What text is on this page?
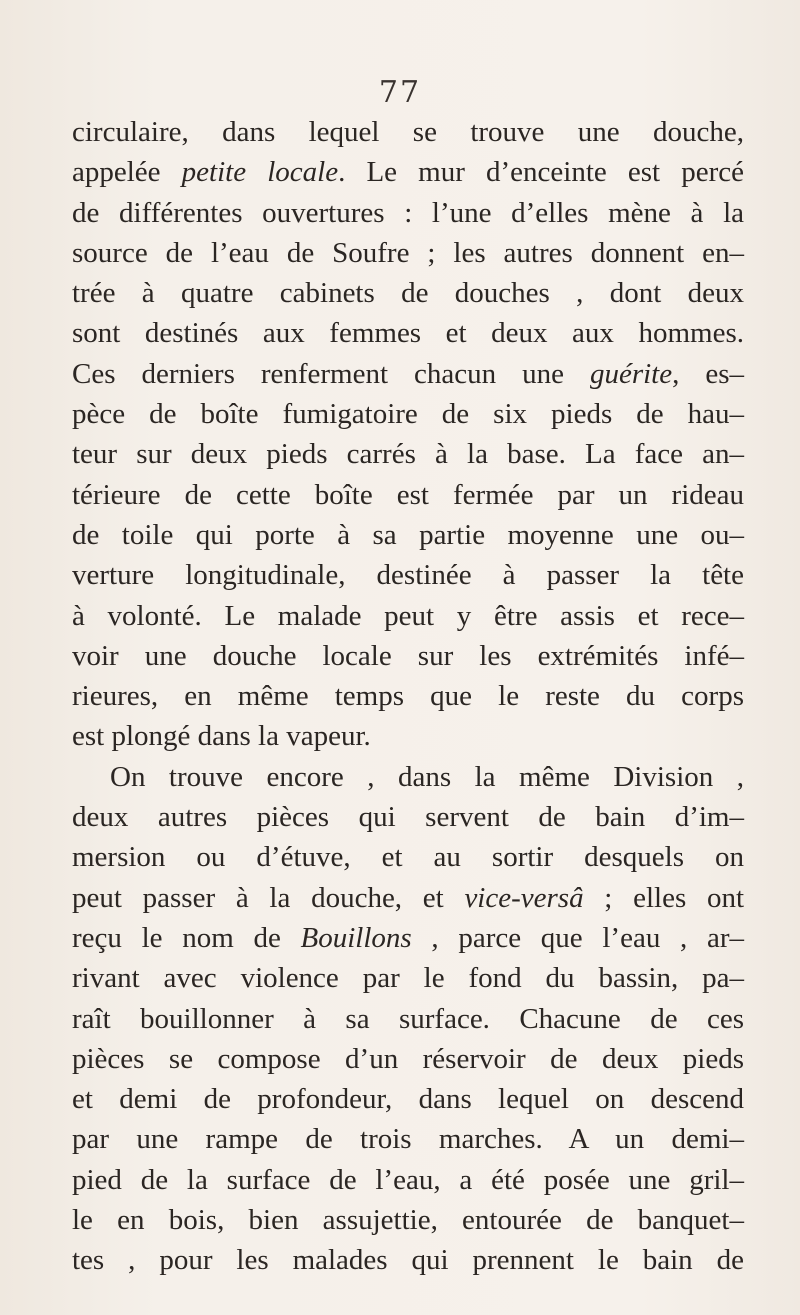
77
circulaire, dans lequel se trouve une douche,
appelée petite locale. Le mur d’enceinte est percé
de différentes ouvertures : l’une d’elles mène à la
source de l’eau de Soufre ; les autres donnent en–
trée à quatre cabinets de douches , dont deux
sont destinés aux femmes et deux aux hommes.
Ces derniers renferment chacun une guérite, es–
pèce de boîte fumigatoire de six pieds de hau–
teur sur deux pieds carrés à la base. La face an–
térieure de cette boîte est fermée par un rideau
de toile qui porte à sa partie moyenne une ou–
verture longitudinale, destinée à passer la tête
à volonté. Le malade peut y être assis et rece–
voir une douche locale sur les extrémités infé–
rieures, en même temps que le reste du corps
est plongé dans la vapeur.
On trouve encore , dans la même Division ,
deux autres pièces qui servent de bain d’im–
mersion ou d’étuve, et au sortir desquels on
peut passer à la douche, et vice-versâ ; elles ont
reçu le nom de Bouillons , parce que l’eau , ar–
rivant avec violence par le fond du bassin, pa–
raît bouillonner à sa surface. Chacune de ces
pièces se compose d’un réservoir de deux pieds
et demi de profondeur, dans lequel on descend
par une rampe de trois marches. A un demi–
pied de la surface de l’eau, a été posée une gril–
le en bois, bien assujettie, entourée de banquet–
tes , pour les malades qui prennent le bain de
